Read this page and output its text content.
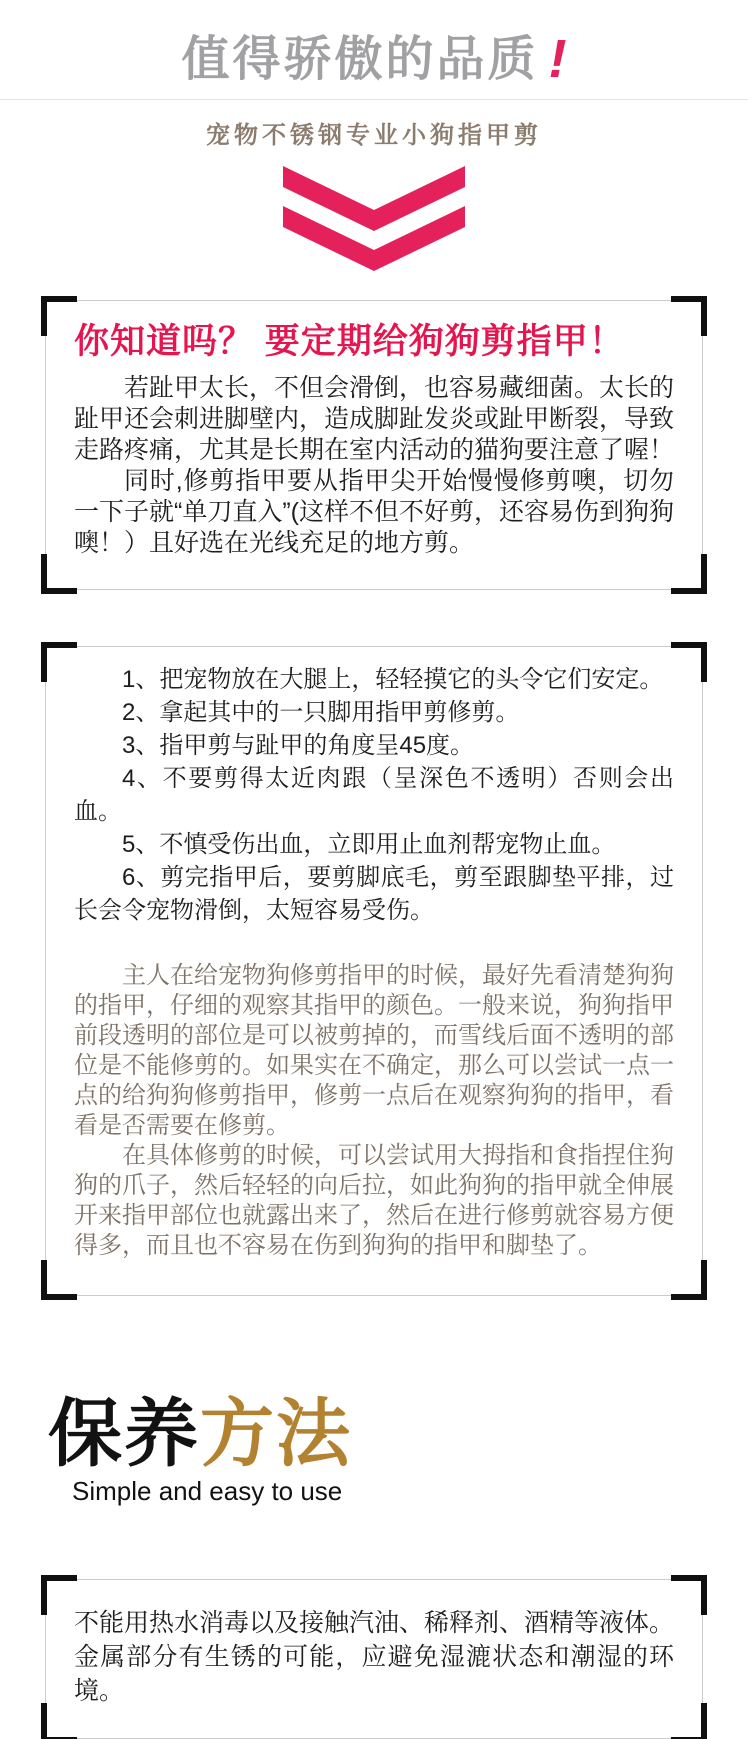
值得骄傲的品质 !
宠物不锈钢专业小狗指甲剪
你知道吗？ 要定期给狗狗剪指甲！

若趾甲太长，不但会滑倒，也容易藏细菌。太长的趾甲还会刺进脚壁内，造成脚趾发炎或趾甲断裂，导致走路疼痛，尤其是长期在室内活动的猫狗要注意了喔！

同时,修剪指甲要从指甲尖开始慢慢修剪噢，切勿一下子就“单刀直入”(这样不但不好剪，还容易伤到狗狗噢！）且好选在光线充足的地方剪。

1、把宠物放在大腿上，轻轻摸它的头令它们安定。

2、拿起其中的一只脚用指甲剪修剪。

3、指甲剪与趾甲的角度呈45度。

4、不要剪得太近肉跟（呈深色不透明）否则会出血。

5、不慎受伤出血，立即用止血剂帮宠物止血。

6、剪完指甲后，要剪脚底毛，剪至跟脚垫平排，过长会令宠物滑倒，太短容易受伤。

主人在给宠物狗修剪指甲的时候，最好先看清楚狗狗的指甲，仔细的观察其指甲的颜色。一般来说，狗狗指甲前段透明的部位是可以被剪掉的，而雪线后面不透明的部位是不能修剪的。如果实在不确定，那么可以尝试一点一点的给狗狗修剪指甲，修剪一点后在观察狗狗的指甲，看看是否需要在修剪。

在具体修剪的时候，可以尝试用大拇指和食指捏住狗狗的爪子，然后轻轻的向后拉，如此狗狗的指甲就全伸展开来指甲部位也就露出来了，然后在进行修剪就容易方便得多，而且也不容易在伤到狗狗的指甲和脚垫了。

保养方法
Simple and easy to use

不能用热水消毒以及接触汽油、稀释剂、酒精等液体。

金属部分有生锈的可能，应避免湿漉状态和潮湿的环境。
